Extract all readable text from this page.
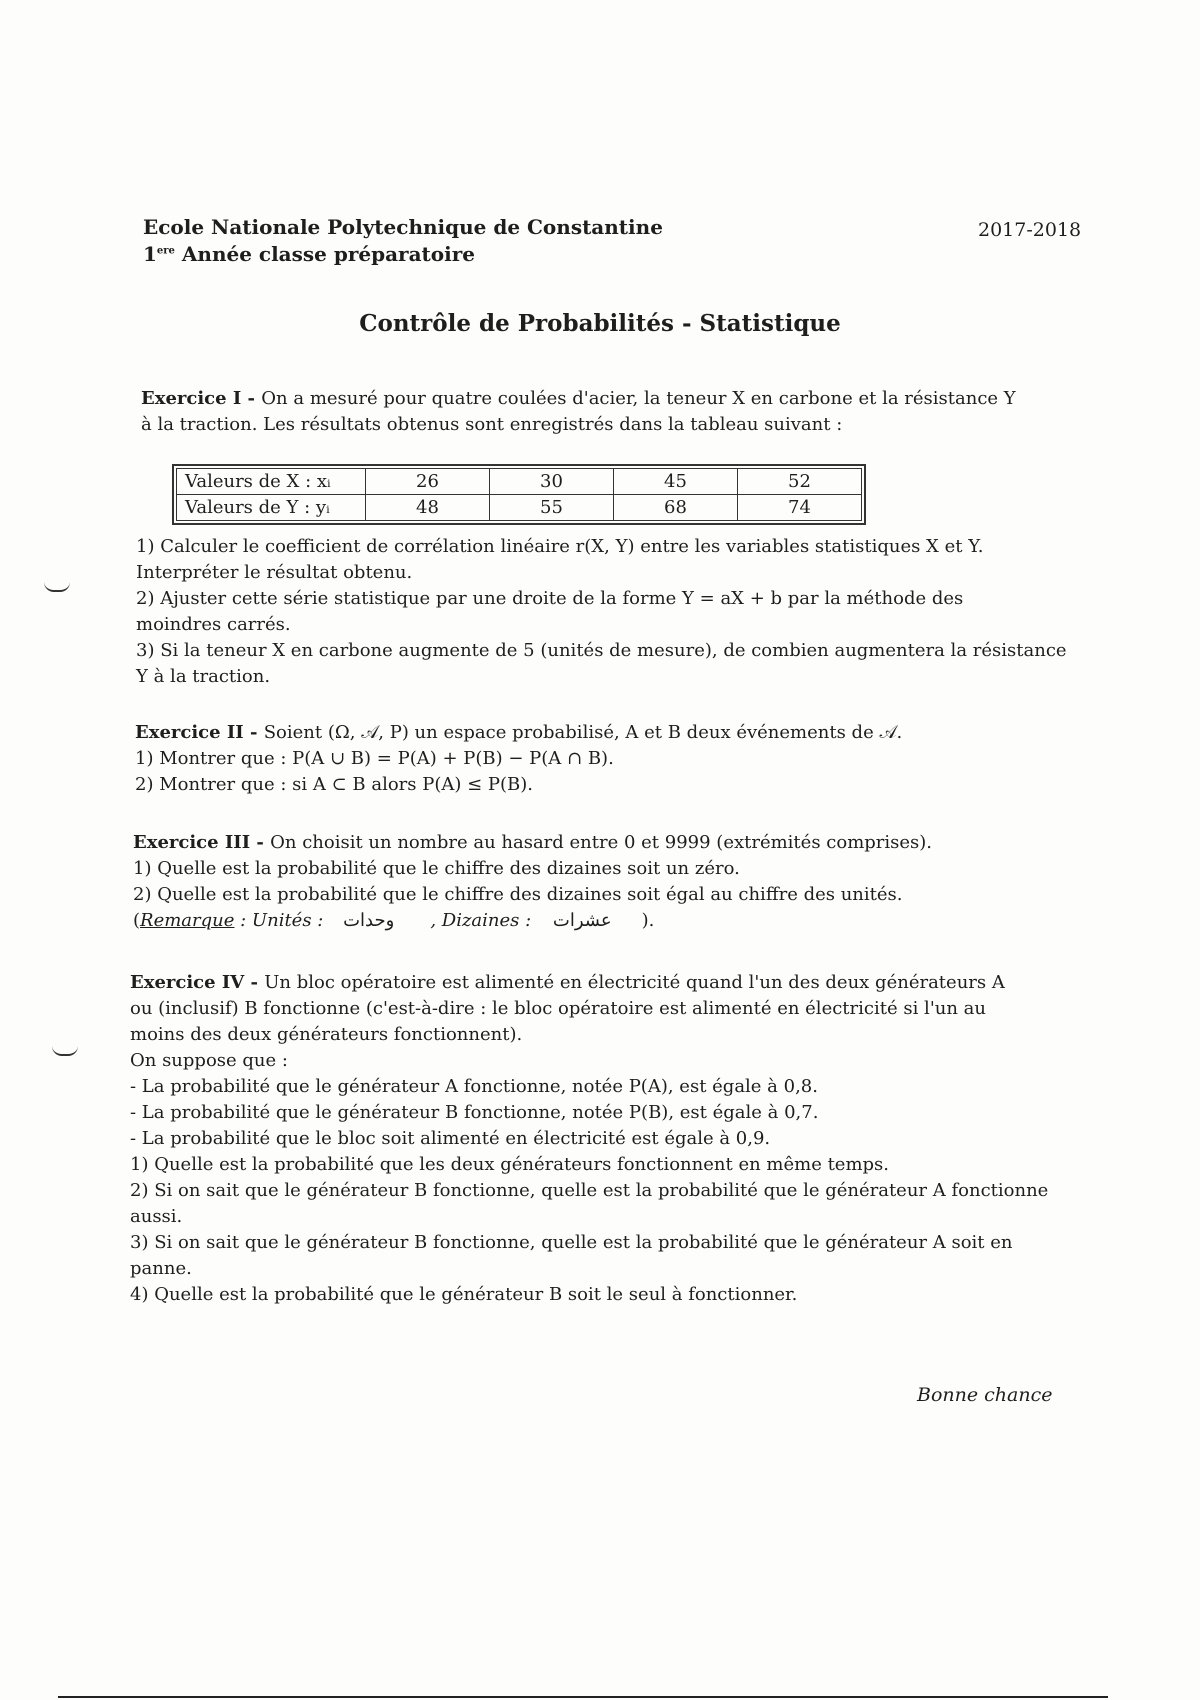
Ecole Nationale Polytechnique de Constantine
1ere Année classe préparatoire
2017-2018
Contrôle de Probabilités - Statistique
Exercice I - On a mesuré pour quatre coulées d'acier, la teneur X en carbone et la résistance Y
à la traction. Les résultats obtenus sont enregistrés dans la tableau suivant :
Valeurs de X : xᵢ	26	30	45	52
Valeurs de Y : yᵢ	48	55	68	74
1) Calculer le coefficient de corrélation linéaire r(X, Y) entre les variables statistiques X et Y.
Interpréter le résultat obtenu.
2) Ajuster cette série statistique par une droite de la forme Y = aX + b par la méthode des
moindres carrés.
3) Si la teneur X en carbone augmente de 5 (unités de mesure), de combien augmentera la résistance
Y à la traction.
Exercice II - Soient (Ω, 𝒜, P) un espace probabilisé, A et B deux événements de 𝒜.
1) Montrer que : P(A ∪ B) = P(A) + P(B) − P(A ∩ B).
2) Montrer que : si A ⊂ B alors P(A) ≤ P(B).
Exercice III - On choisit un nombre au hasard entre 0 et 9999 (extrémités comprises).
1) Quelle est la probabilité que le chiffre des dizaines soit un zéro.
2) Quelle est la probabilité que le chiffre des dizaines soit égal au chiffre des unités.
(Remarque : Unités : وحدات , Dizaines : عشرات ).
Exercice IV - Un bloc opératoire est alimenté en électricité quand l'un des deux générateurs A
ou (inclusif) B fonctionne (c'est-à-dire : le bloc opératoire est alimenté en électricité si l'un au
moins des deux générateurs fonctionnent).
On suppose que :
- La probabilité que le générateur A fonctionne, notée P(A), est égale à 0,8.
- La probabilité que le générateur B fonctionne, notée P(B), est égale à 0,7.
- La probabilité que le bloc soit alimenté en électricité est égale à 0,9.
1) Quelle est la probabilité que les deux générateurs fonctionnent en même temps.
2) Si on sait que le générateur B fonctionne, quelle est la probabilité que le générateur A fonctionne
aussi.
3) Si on sait que le générateur B fonctionne, quelle est la probabilité que le générateur A soit en
panne.
4) Quelle est la probabilité que le générateur B soit le seul à fonctionner.
Bonne chance
